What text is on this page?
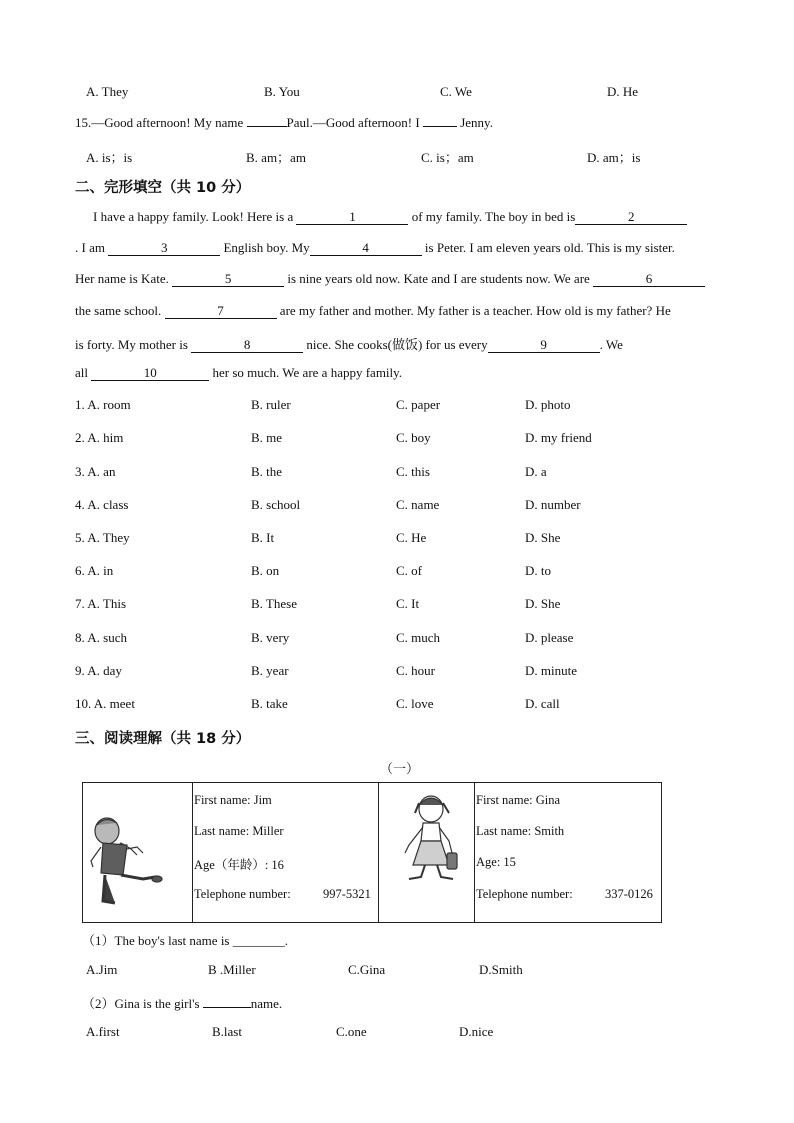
A. They	B. You	C. We	D. He
15.—Good afternoon! My name	Paul.—Good afternoon! I	Jenny.
A. is；is	B. am；am	C. is；am	D. am；is
二、完形填空（共 10 分）
I have a happy family. Look! Here is a	1	of my family. The boy in bed is	2
. I am	3	English boy. My	4	is Peter. I am eleven years old. This is my sister.
Her name is Kate.	5	is nine years old now. Kate and I are students now. We are	6
the same school.	7	are my father and mother. My father is a teacher. How old is my father? He
is forty. My mother is	8	nice. She cooks(做饭) for us every	9	. We
all	10	her so much. We are a happy family.
1. A. room	B. ruler	C. paper	D. photo
2. A. him	B. me	C. boy	D. my friend
3. A. an	B. the	C. this	D. a
4. A. class	B. school	C. name	D. number
5. A. They	B. It	C. He	D. She
6. A. in	B. on	C. of	D. to
7. A. This	B. These	C. It	D. She
8. A. such	B. very	C. much	D. please
9. A. day	B. year	C. hour	D. minute
10. A. meet	B. take	C. love	D. call
三、阅读理解（共 18 分）
（一）

First name: Jim
Last name: Miller
Age（年龄）: 16
Telephone number:	997-5321

First name: Gina
Last name: Smith
Age: 15
Telephone number:	337-0126
（1）The boy's last name is ________.
A.Jim	B .Miller	C.Gina	D.Smith
（2）Gina is the girl's	name.
A.first	B.last	C.one	D.nice
